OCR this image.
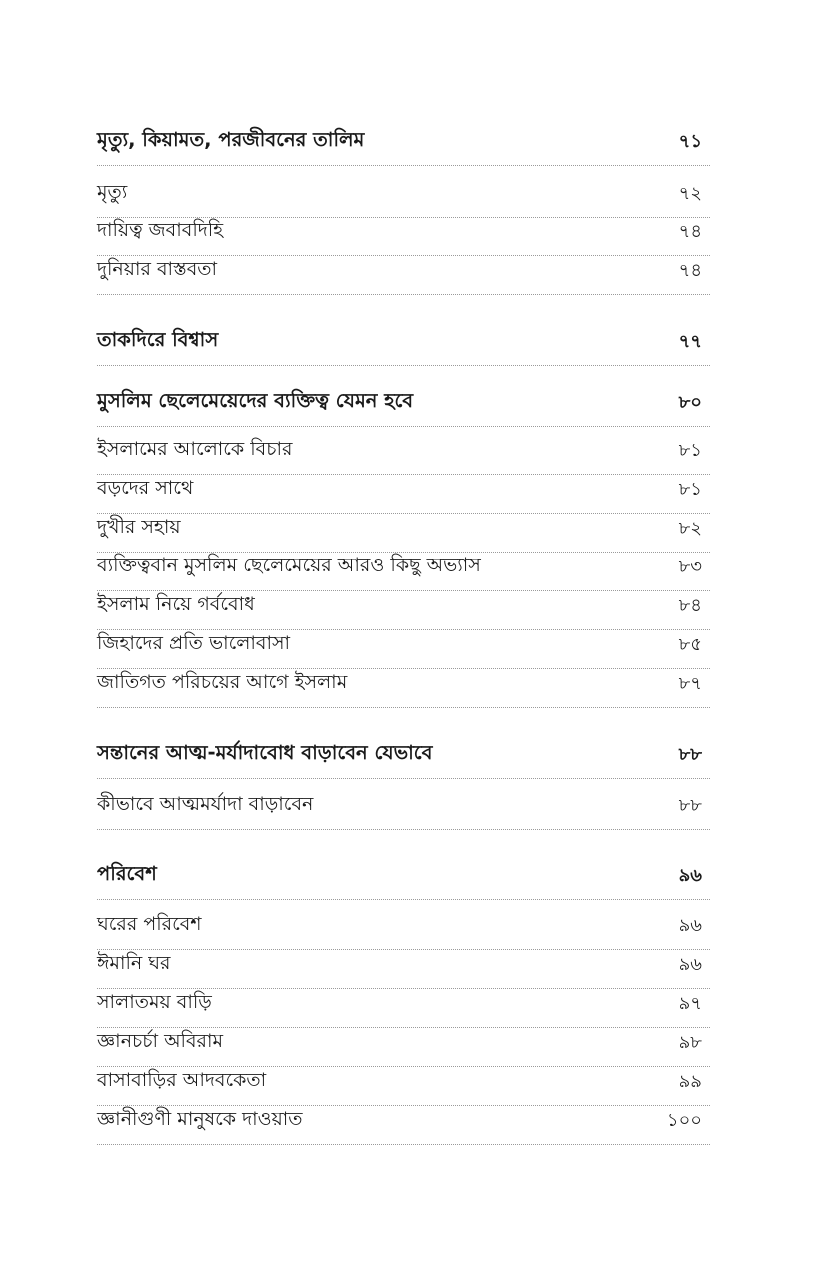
মৃত্যু, কিয়ামত, পরজীবনের তালিম	৭১
মৃত্যু	৭২
দায়িত্ব জবাবদিহি	৭৪
দুনিয়ার বাস্তবতা	৭৪
তাকদিরে বিশ্বাস	৭৭
মুসলিম ছেলেমেয়েদের ব্যক্তিত্ব যেমন হবে	৮০
ইসলামের আলোকে বিচার	৮১
বড়দের সাথে	৮১
দুখীর সহায়	৮২
ব্যক্তিত্ববান মুসলিম ছেলেমেয়ের আরও কিছু অভ্যাস	৮৩
ইসলাম নিয়ে গর্ববোধ	৮৪
জিহাদের প্রতি ভালোবাসা	৮৫
জাতিগত পরিচয়ের আগে ইসলাম	৮৭
সন্তানের আত্ম-মর্যাদাবোধ বাড়াবেন যেভাবে	৮৮
কীভাবে আত্মমর্যাদা বাড়াবেন	৮৮
পরিবেশ	৯৬
ঘরের পরিবেশ	৯৬
ঈমানি ঘর	৯৬
সালাতময় বাড়ি	৯৭
জ্ঞানচর্চা অবিরাম	৯৮
বাসাবাড়ির আদবকেতা	৯৯
জ্ঞানীগুণী মানুষকে দাওয়াত	১০০
